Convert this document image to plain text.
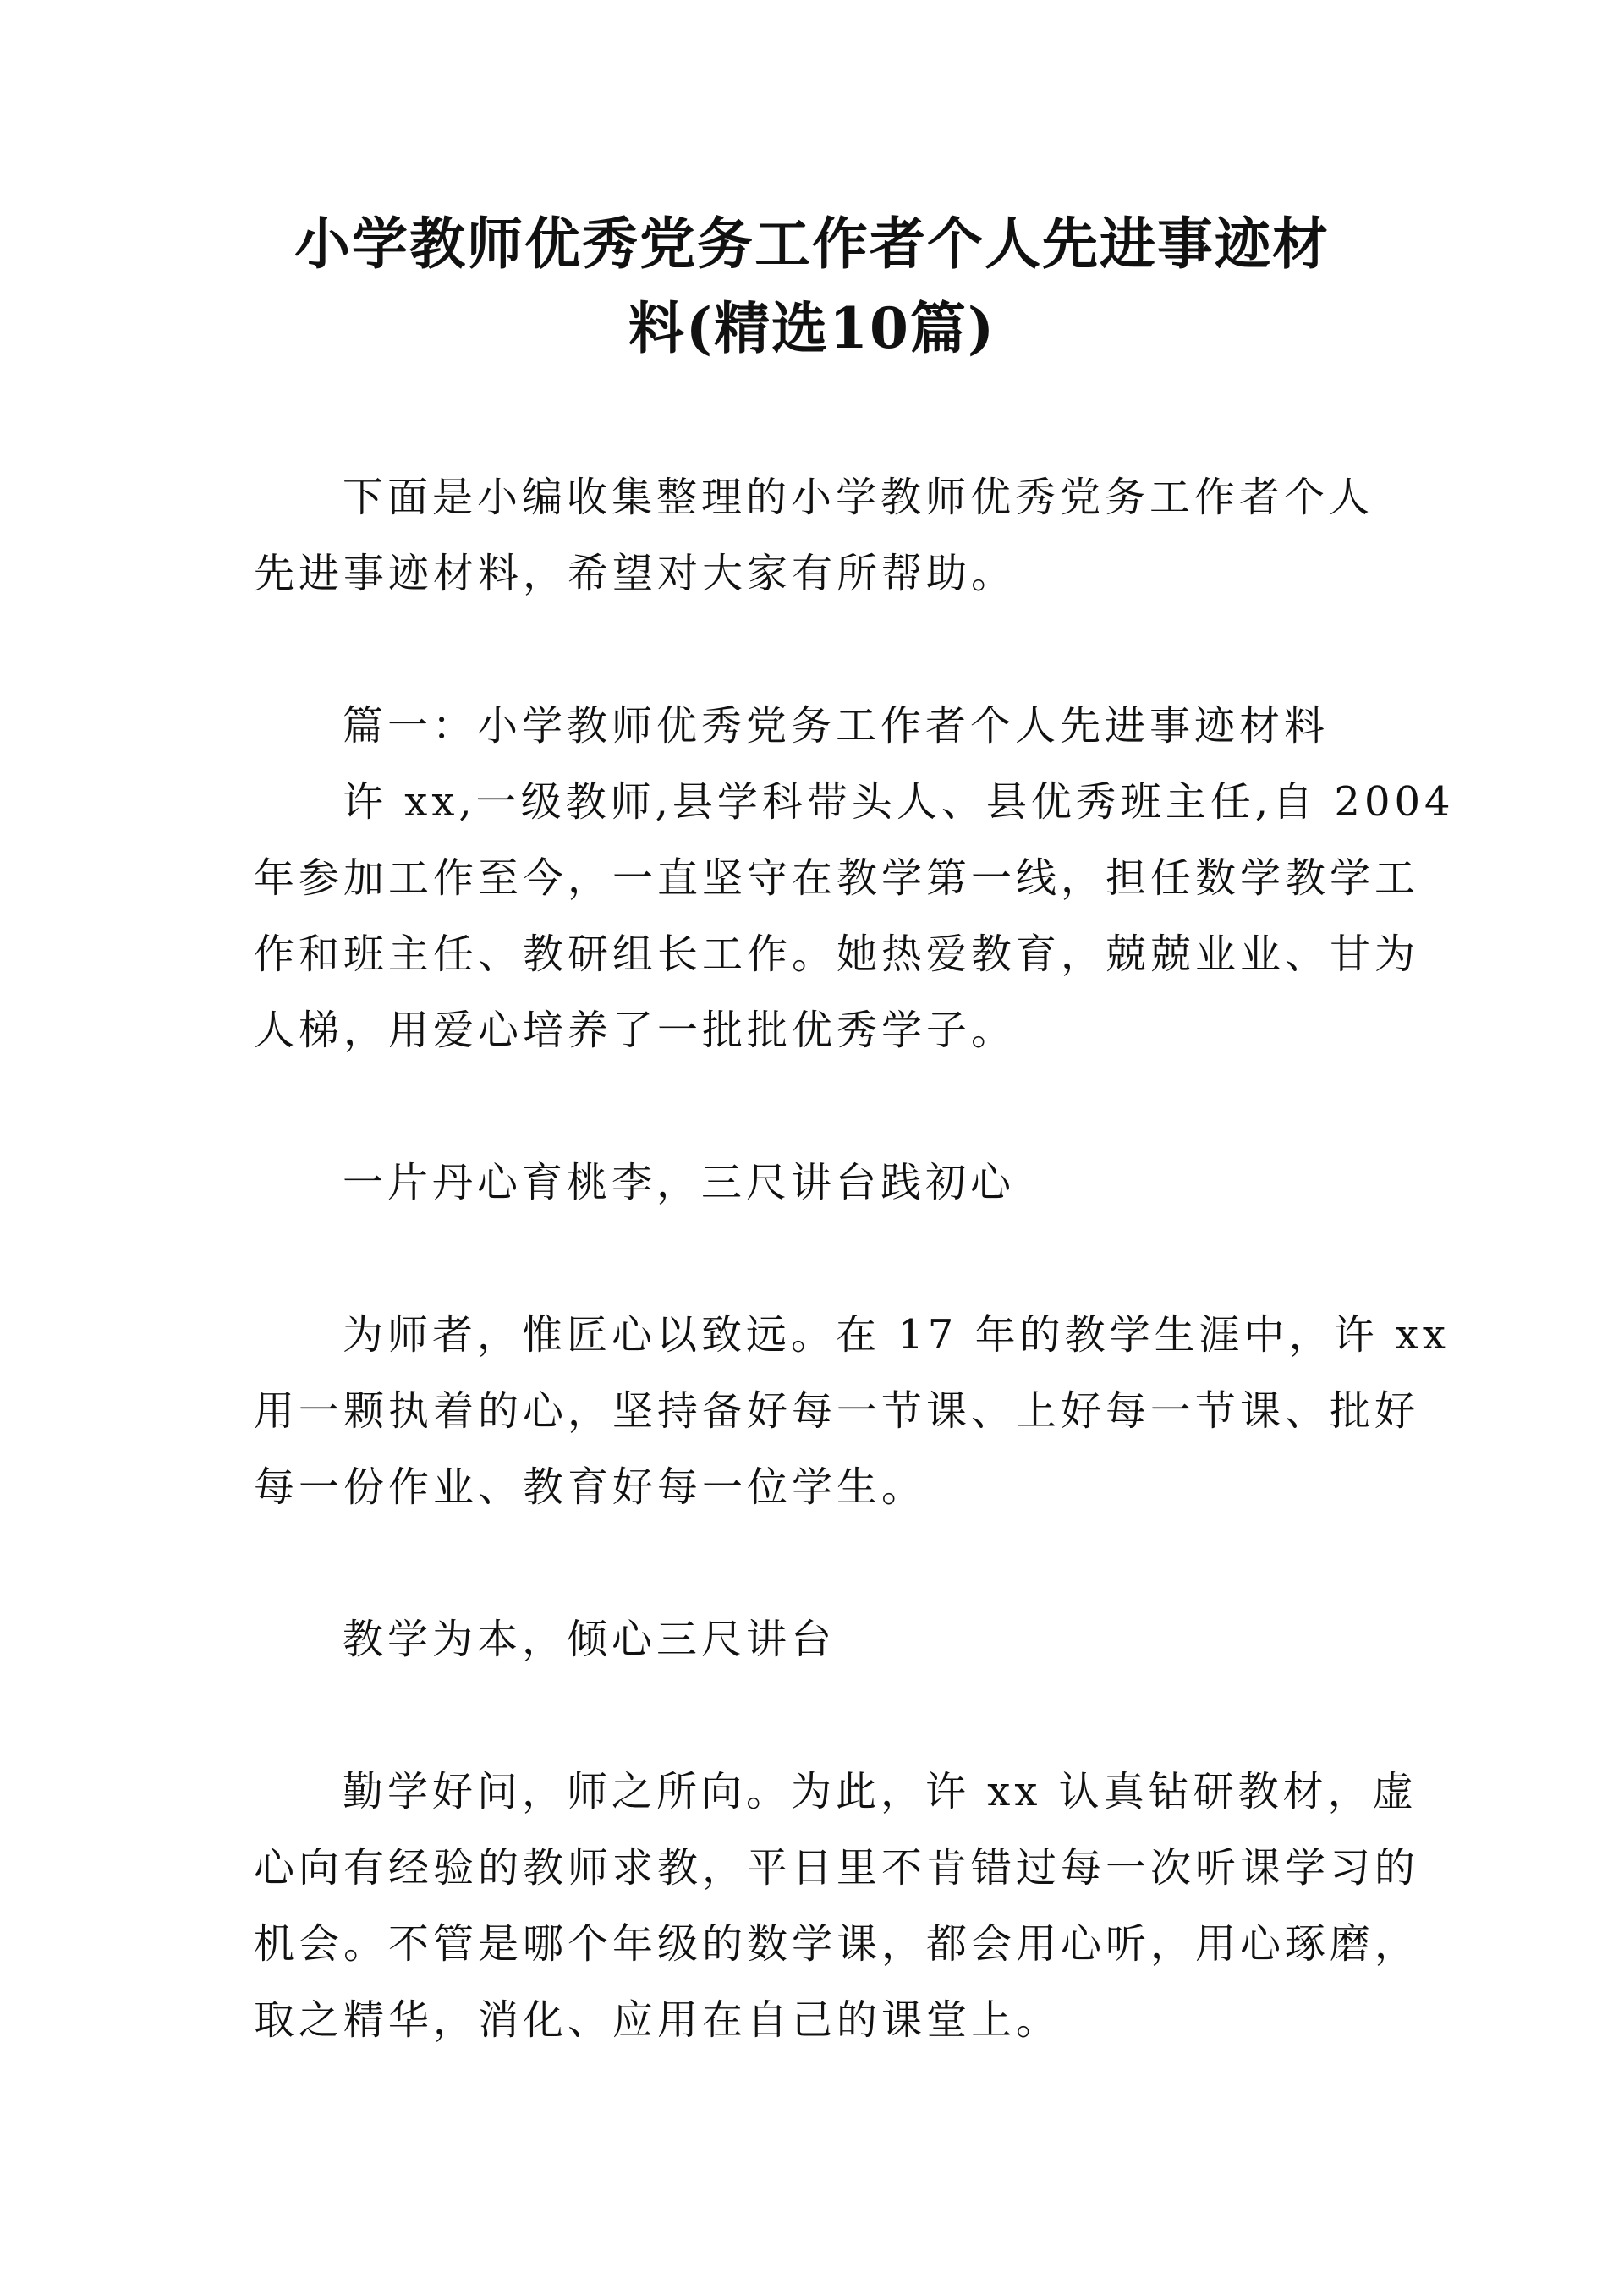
小学教师优秀党务工作者个人先进事迹材
料(精选10篇)
下面是小编收集整理的小学教师优秀党务工作者个人
先进事迹材料，希望对大家有所帮助。
篇一：小学教师优秀党务工作者个人先进事迹材料
许 xx,一级教师,县学科带头人、县优秀班主任,自 2004
年参加工作至今，一直坚守在教学第一线，担任数学教学工
作和班主任、教研组长工作。她热爱教育，兢兢业业、甘为
人梯，用爱心培养了一批批优秀学子。
一片丹心育桃李，三尺讲台践初心
为师者，惟匠心以致远。在 17 年的教学生涯中，许 xx
用一颗执着的心，坚持备好每一节课、上好每一节课、批好
每一份作业、教育好每一位学生。
教学为本，倾心三尺讲台
勤学好问，师之所向。为此，许 xx 认真钻研教材，虚
心向有经验的教师求教，平日里不肯错过每一次听课学习的
机会。不管是哪个年级的数学课，都会用心听，用心琢磨，
取之精华，消化、应用在自己的课堂上。
